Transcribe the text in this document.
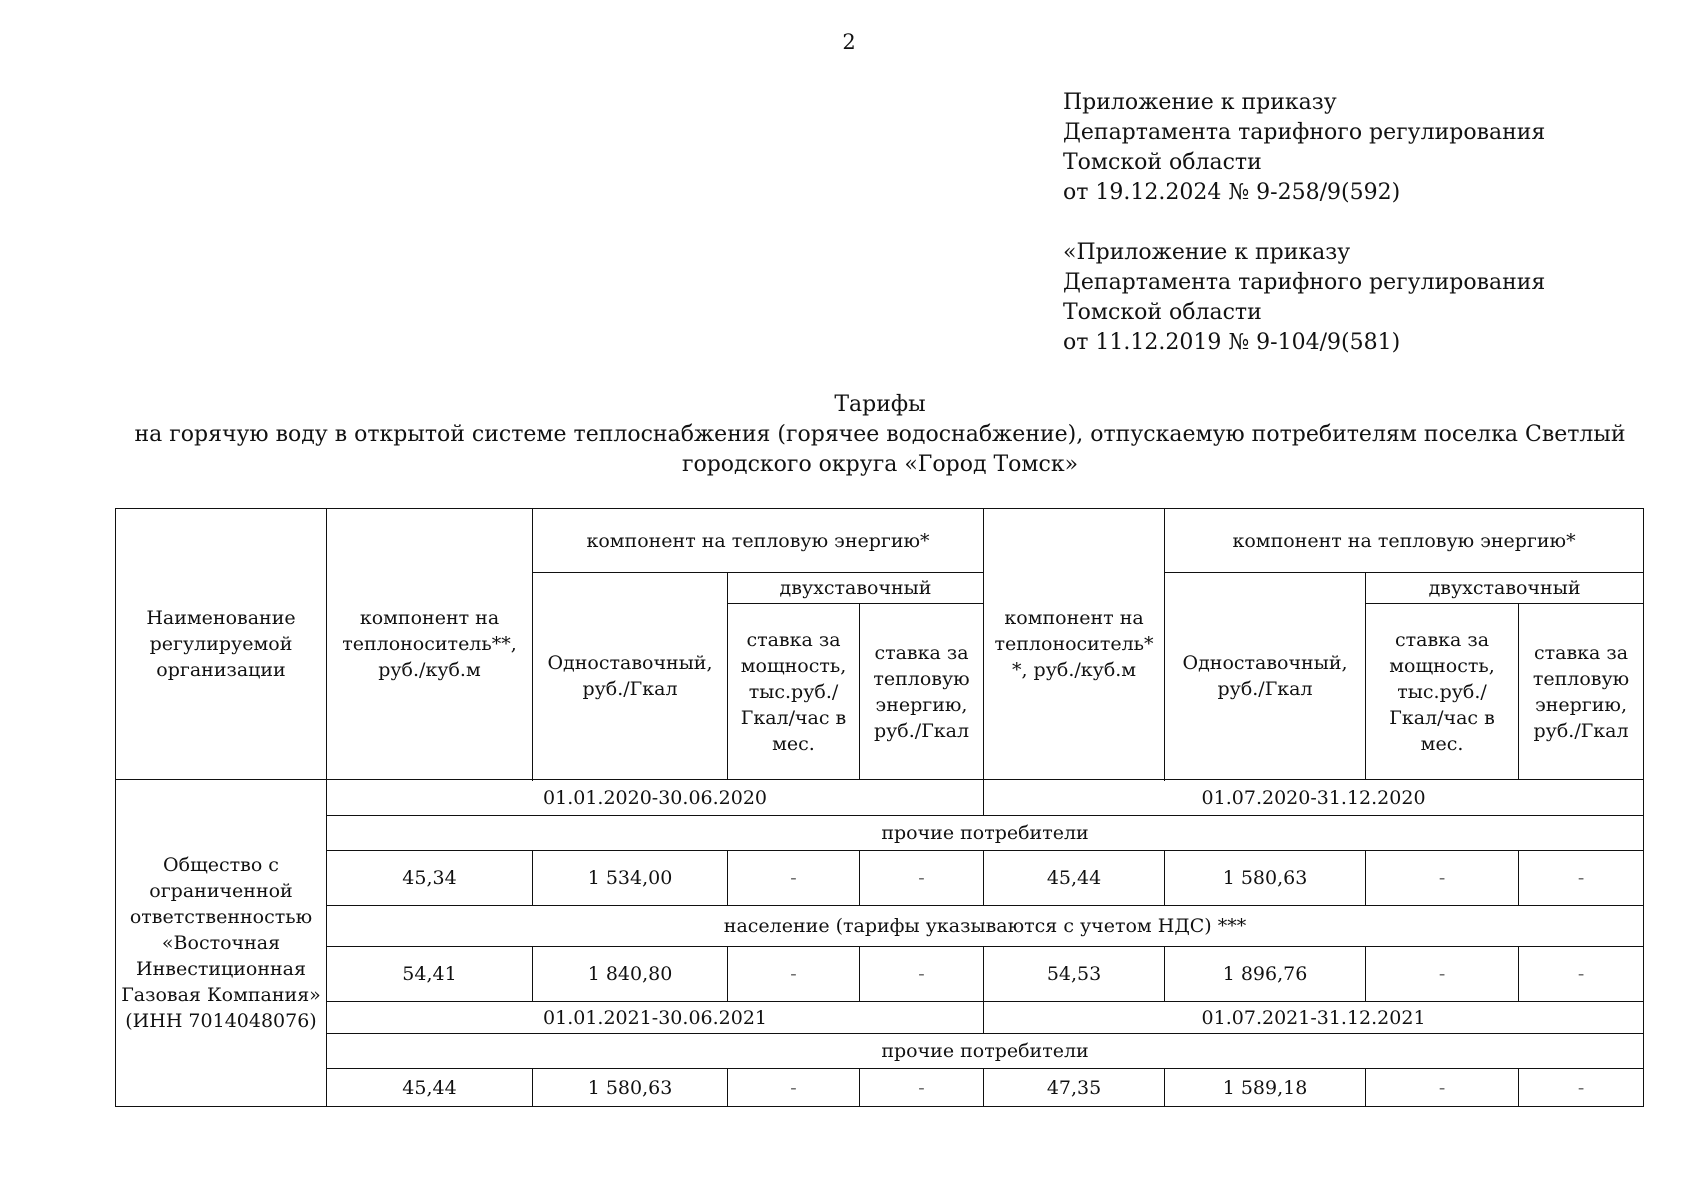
2
Приложение к приказу
Департамента тарифного регулирования
Томской области
от 19.12.2024 № 9-258/9(592)
«Приложение к приказу
Департамента тарифного регулирования
Томской области
от 11.12.2019 № 9-104/9(581)
Тарифы
на горячую воду в открытой системе теплоснабжения (горячее водоснабжение), отпускаемую потребителям поселка Светлый
городского округа «Город Томск»
Наименование регулируемой организации	компонент на теплоноситель**, руб./куб.м	компонент на тепловую энергию*			компонент на теплоноситель* *, руб./куб.м	компонент на тепловую энергию*		
		Одноставочный, руб./Гкал	двухставочный			Одноставочный, руб./Гкал	двухставочный	
			ставка за мощность, тыс.руб./ Гкал/час в мес.	ставка за тепловую энергию, руб./Гкал			ставка за мощность, тыс.руб./ Гкал/час в мес.	ставка за тепловую энергию, руб./Гкал

Общество с ограниченной ответственностью «Восточная Инвестиционная Газовая Компания» (ИНН 7014048076)	01.01.2020-30.06.2020				01.07.2020-31.12.2020			
	прочие потребители							
	45,34	1 534,00	-	-	45,44	1 580,63	-	-
	население (тарифы указываются с учетом НДС) ***							
	54,41	1 840,80	-	-	54,53	1 896,76	-	-
	01.01.2021-30.06.2021				01.07.2021-31.12.2021			
	прочие потребители							
	45,44	1 580,63	-	-	47,35	1 589,18	-	-
